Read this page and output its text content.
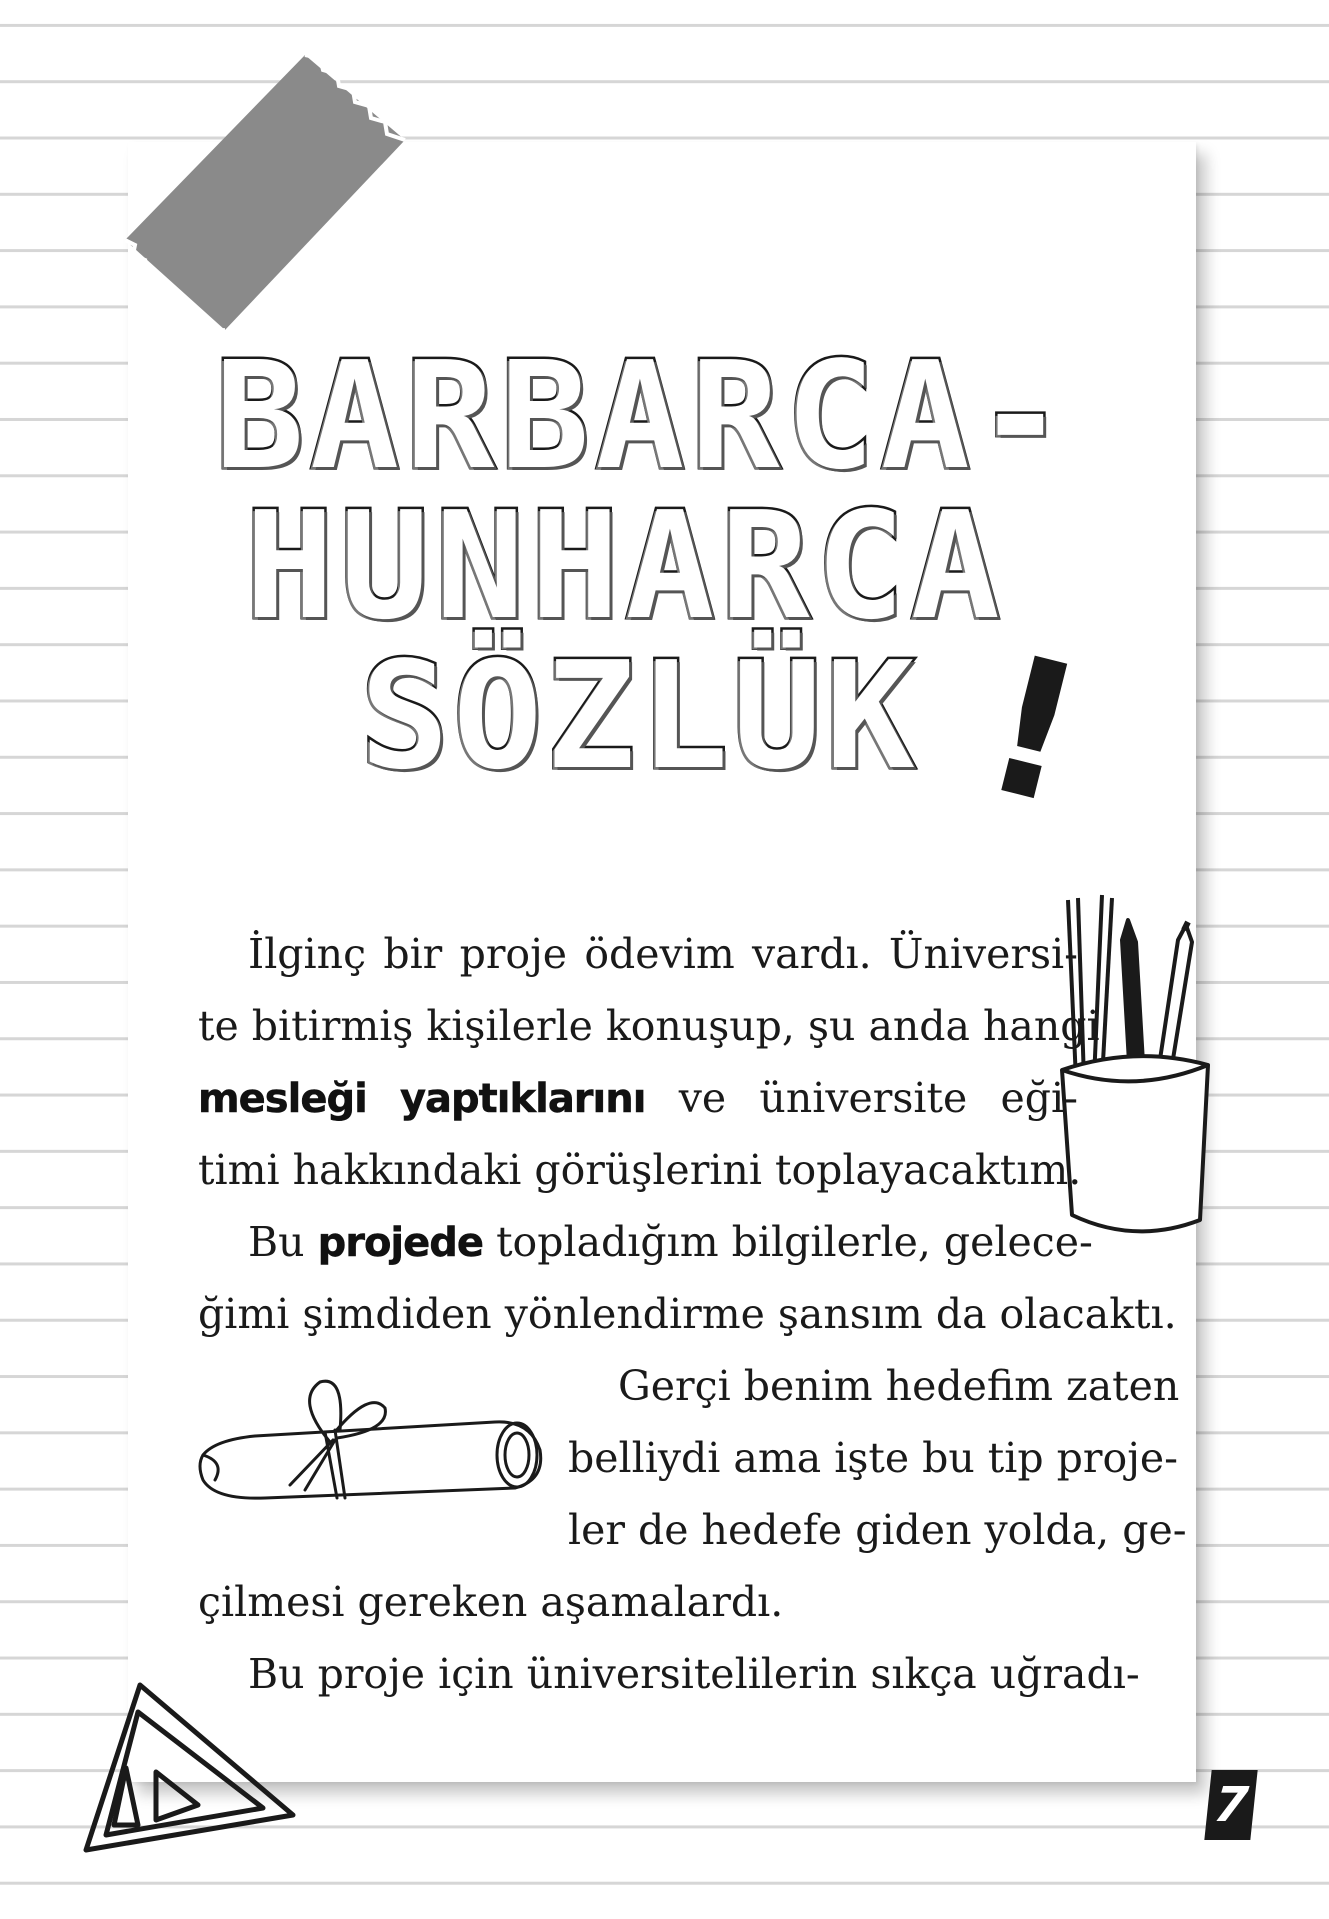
BARBARCA-
HUNHARCA
SÖZLÜK !
İlginç bir proje ödevim vardı. Üniversi-
te bitirmiş kişilerle konuşup, şu anda hangi
mesleği yaptıklarını ve üniversite eği-
timi hakkındaki görüşlerini toplayacaktım.
Bu projede topladığım bilgilerle, gelece-
ğimi şimdiden yönlendirme şansım da olacaktı.
Gerçi benim hedefim zaten
belliydi ama işte bu tip proje-
ler de hedefe giden yolda, ge-
çilmesi gereken aşamalardı.
Bu proje için üniversitelilerin sıkça uğradı-
7
